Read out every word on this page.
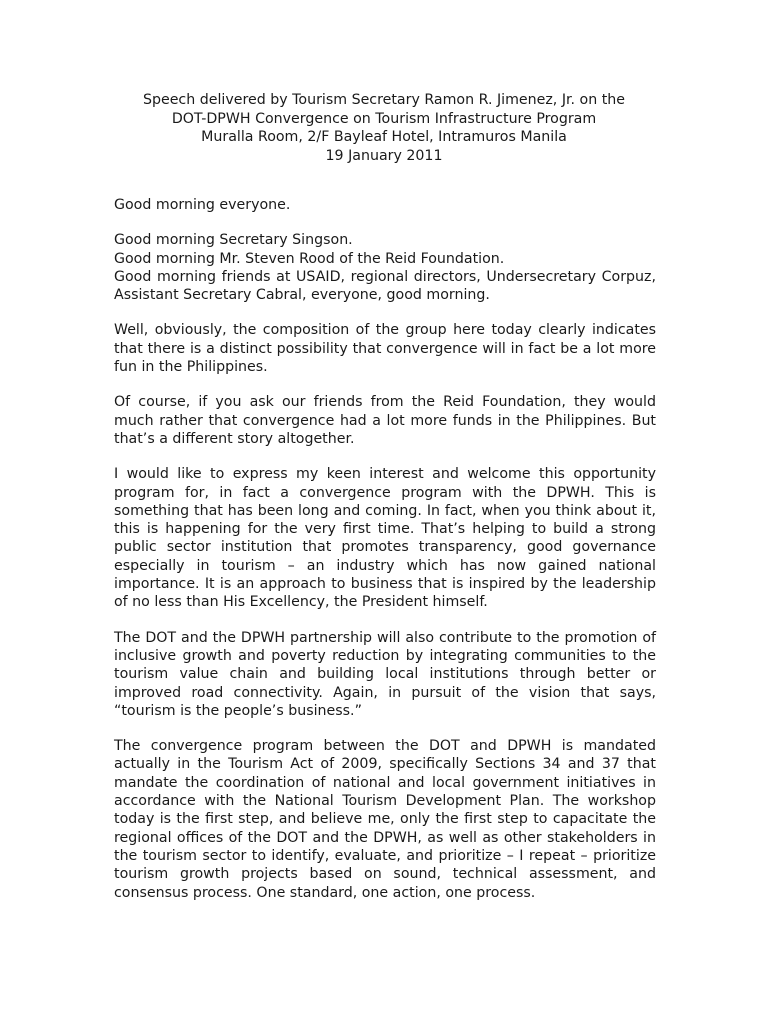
Speech delivered by Tourism Secretary Ramon R. Jimenez, Jr. on the
DOT-DPWH Convergence on Tourism Infrastructure Program
Muralla Room, 2/F Bayleaf Hotel, Intramuros Manila
19 January 2011

Good morning everyone.

Good morning Secretary Singson.

Good morning Mr. Steven Rood of the Reid Foundation.

Good morning friends at USAID, regional directors, Undersecretary Corpuz, Assistant Secretary Cabral, everyone, good morning.

Well, obviously, the composition of the group here today clearly indicates that there is a distinct possibility that convergence will in fact be a lot more fun in the Philippines.

Of course, if you ask our friends from the Reid Foundation, they would much rather that convergence had a lot more funds in the Philippines. But that’s a different story altogether.

I would like to express my keen interest and welcome this opportunity program for, in fact a convergence program with the DPWH. This is something that has been long and coming. In fact, when you think about it, this is happening for the very first time. That’s helping to build a strong public sector institution that promotes transparency, good governance especially in tourism – an industry which has now gained national importance. It is an approach to business that is inspired by the leadership of no less than His Excellency, the President himself.

The DOT and the DPWH partnership will also contribute to the promotion of inclusive growth and poverty reduction by integrating communities to the tourism value chain and building local institutions through better or improved road connectivity. Again, in pursuit of the vision that says, “tourism is the people’s business.”

The convergence program between the DOT and DPWH is mandated actually in the Tourism Act of 2009, specifically Sections 34 and 37 that mandate the coordination of national and local government initiatives in accordance with the National Tourism Development Plan. The workshop today is the first step, and believe me, only the first step to capacitate the regional offices of the DOT and the DPWH, as well as other stakeholders in the tourism sector to identify, evaluate, and prioritize – I repeat – prioritize tourism growth projects based on sound, technical assessment, and consensus process. One standard, one action, one process.
